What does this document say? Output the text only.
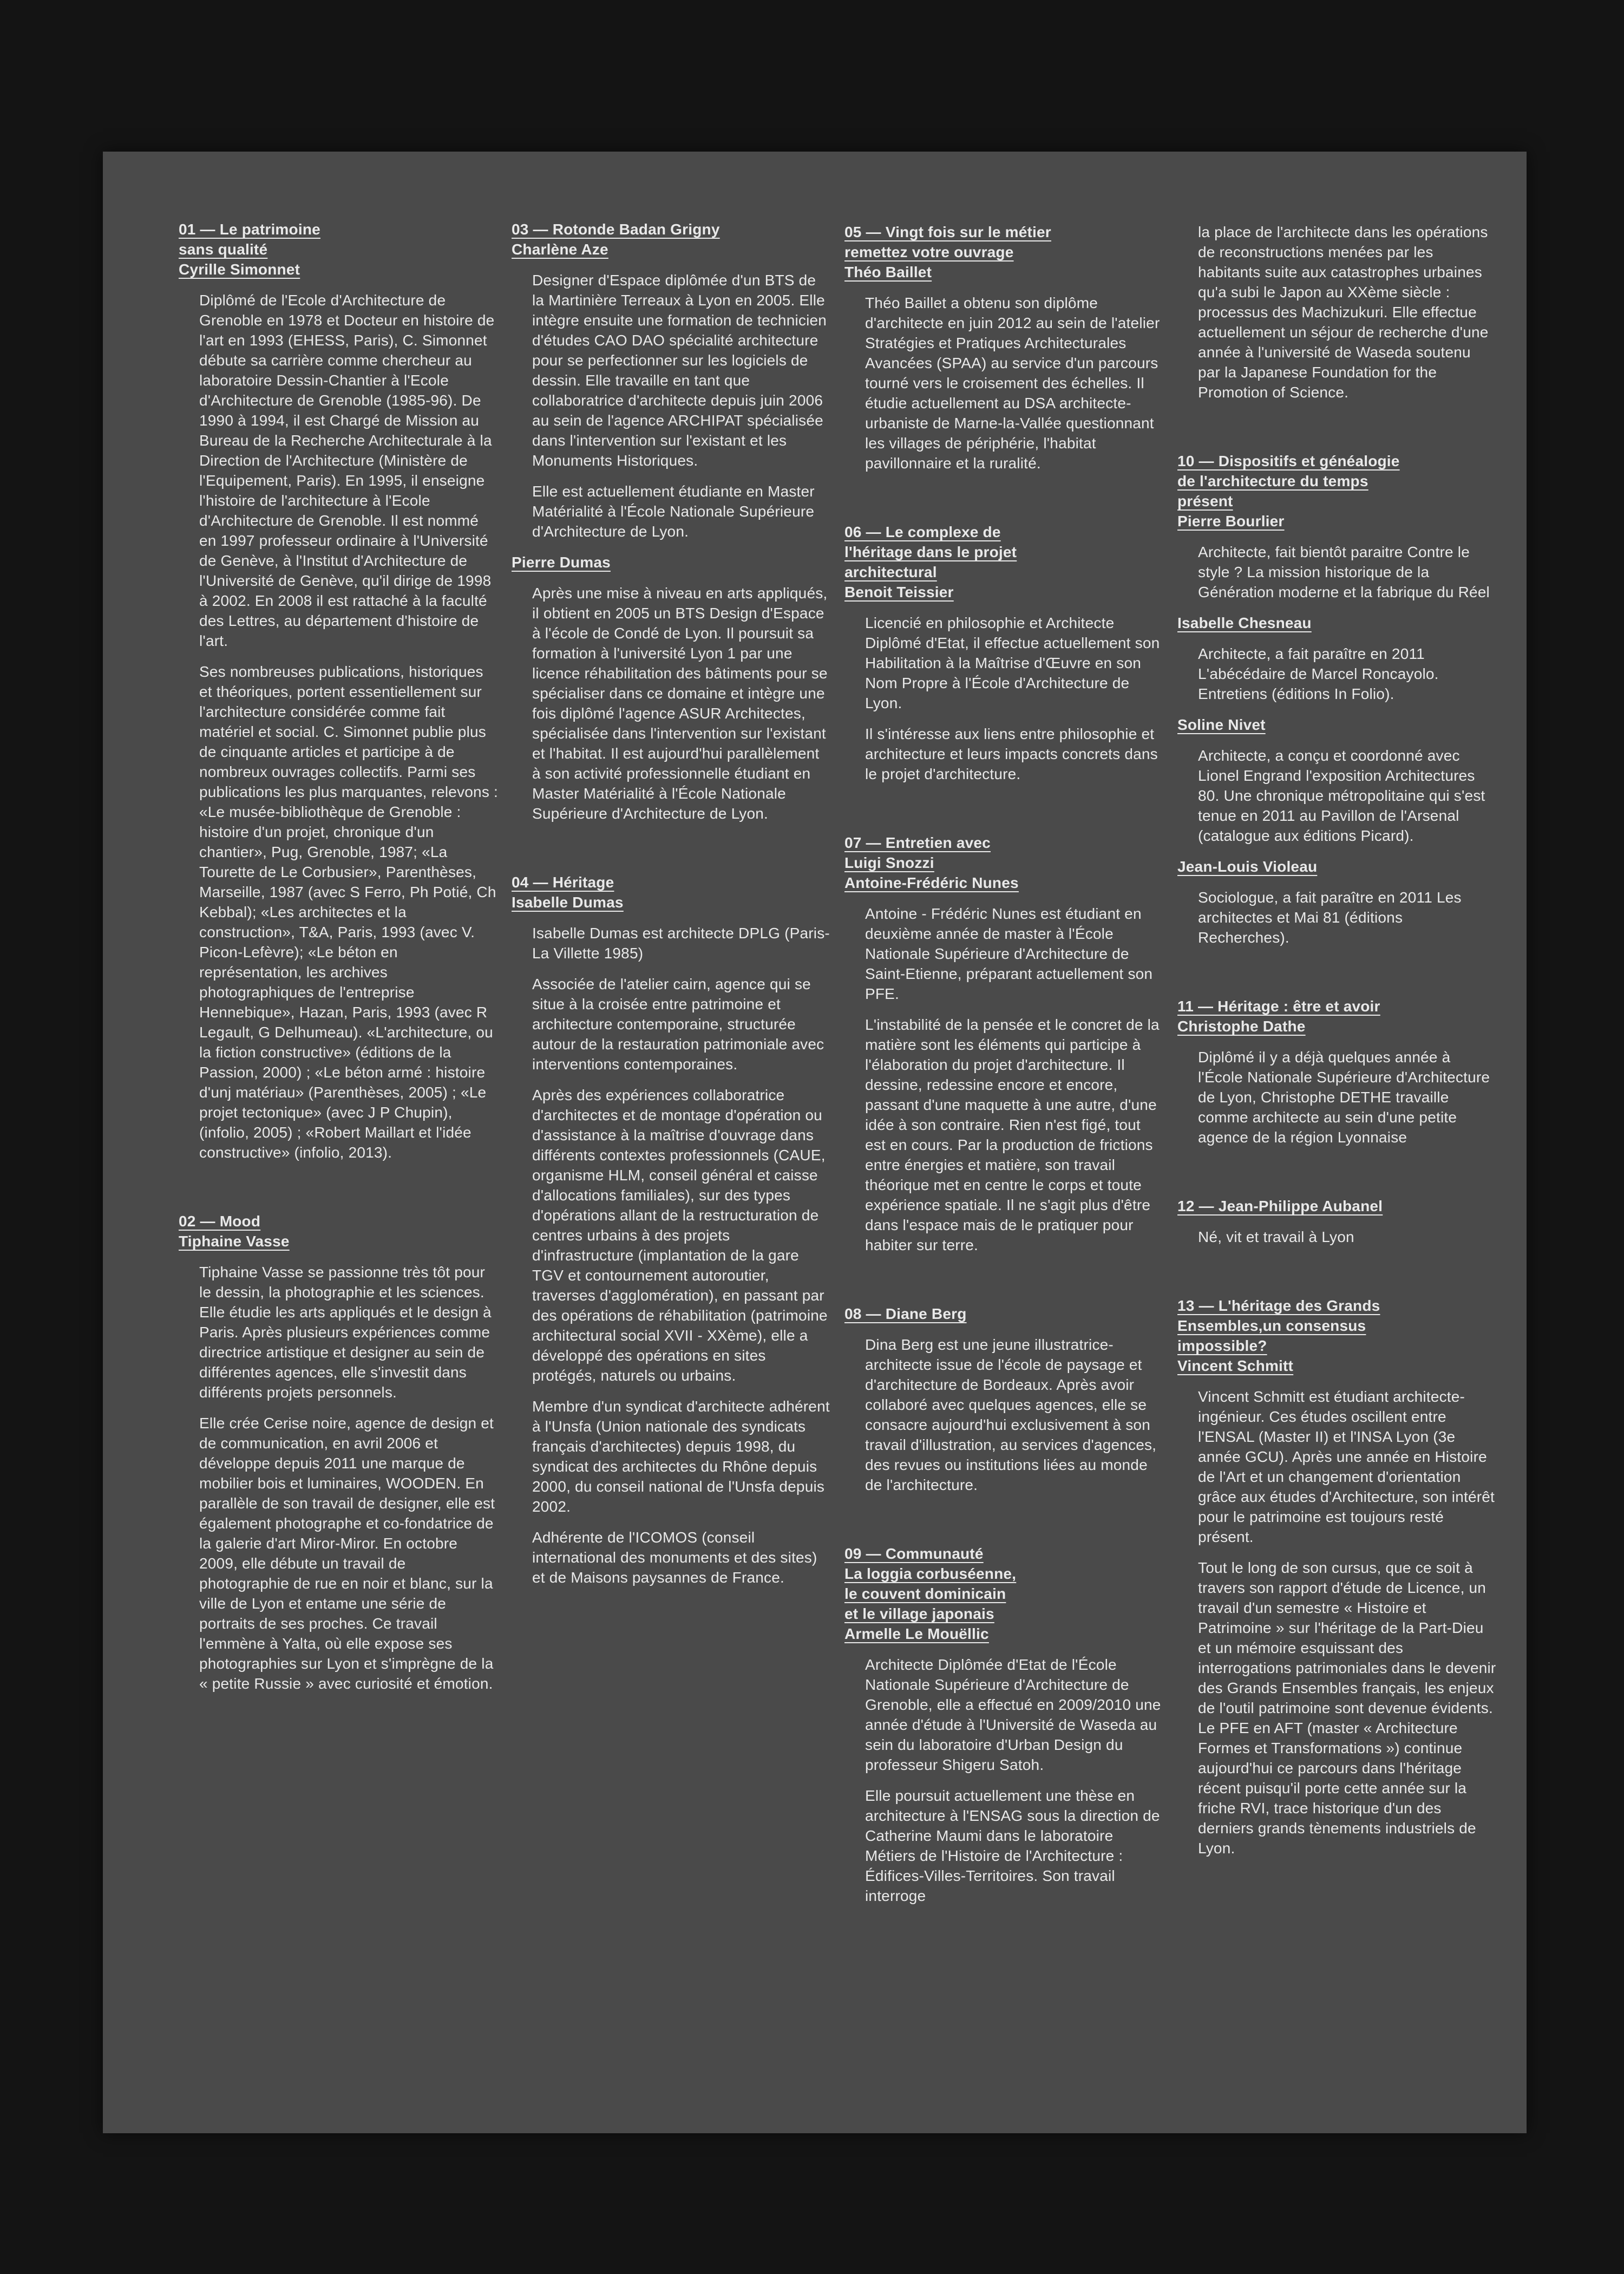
01 — Le patrimoine
sans qualité
Cyrille Simonnet

Diplômé de l'Ecole d'Architecture de Grenoble en 1978 et Docteur en histoire de l'art en 1993 (EHESS, Paris), C. Simonnet débute sa carrière comme chercheur au laboratoire Dessin-Chantier à l'Ecole d'Architecture de Grenoble (1985-96). De 1990 à 1994, il est Chargé de Mission au Bureau de la Recherche Architecturale à la Direction de l'Architecture (Ministère de l'Equipement, Paris). En 1995, il enseigne l'histoire de l'architecture à l'Ecole d'Architecture de Grenoble. Il est nommé en 1997 professeur ordinaire à l'Université de Genève, à l'Institut d'Architecture de l'Université de Genève, qu'il dirige de 1998 à 2002. En 2008 il est rattaché à la faculté des Lettres, au département d'histoire de l'art.

Ses nombreuses publications, historiques et théoriques, portent essentiellement sur l'architecture considérée comme fait matériel et social. C. Simonnet publie plus de cinquante articles et participe à de nombreux ouvrages collectifs. Parmi ses publications les plus marquantes, relevons : «Le musée-bibliothèque de Grenoble : histoire d'un projet, chronique d'un chantier», Pug, Grenoble, 1987; «La Tourette de Le Corbusier», Parenthèses, Marseille, 1987 (avec S Ferro, Ph Potié, Ch Kebbal); «Les architectes et la construction», T&A, Paris, 1993 (avec V. Picon-Lefèvre); «Le béton en représentation, les archives photographiques de l'entreprise Hennebique», Hazan, Paris, 1993 (avec R Legault, G Delhumeau). «L'architecture, ou la fiction constructive» (éditions de la Passion, 2000) ; «Le béton armé : histoire d'unj matériau» (Parenthèses, 2005) ; «Le projet tectonique» (avec J P Chupin), (infolio, 2005) ; «Robert Maillart et l'idée constructive» (infolio, 2013).

02 — Mood
Tiphaine Vasse

Tiphaine Vasse se passionne très tôt pour le dessin, la photographie et les sciences. Elle étudie les arts appliqués et le design à Paris. Après plusieurs expériences comme directrice artistique et designer au sein de différentes agences, elle s'investit dans différents projets personnels.

Elle crée Cerise noire, agence de design et de communication, en avril 2006 et développe depuis 2011 une marque de mobilier bois et luminaires, WOODEN. En parallèle de son travail de designer, elle est également photographe et co-fondatrice de la galerie d'art Miror-Miror. En octobre 2009, elle débute un travail de photographie de rue en noir et blanc, sur la ville de Lyon et entame une série de portraits de ses proches. Ce travail l'emmène à Yalta, où elle expose ses photographies sur Lyon et s'imprègne de la « petite Russie » avec curiosité et émotion.

03 — Rotonde Badan Grigny
Charlène Aze

Designer d'Espace diplômée d'un BTS de la Martinière Terreaux à Lyon en 2005. Elle intègre ensuite une formation de technicien d'études CAO DAO spécialité architecture pour se perfectionner sur les logiciels de dessin. Elle travaille en tant que collaboratrice d'architecte depuis juin 2006 au sein de l'agence ARCHIPAT spécialisée dans l'intervention sur l'existant et les Monuments Historiques.

Elle est actuellement étudiante en Master Matérialité à l'École Nationale Supérieure d'Architecture de Lyon.

Pierre Dumas

Après une mise à niveau en arts appliqués, il obtient en 2005 un BTS Design d'Espace à l'école de Condé de Lyon. Il poursuit sa formation à l'université Lyon 1 par une licence réhabilitation des bâtiments pour se spécialiser dans ce domaine et intègre une fois diplômé l'agence ASUR Architectes, spécialisée dans l'intervention sur l'existant et l'habitat. Il est aujourd'hui parallèlement à son activité professionnelle étudiant en Master Matérialité à l'École Nationale Supérieure d'Architecture de Lyon.

04 — Héritage
Isabelle Dumas

Isabelle Dumas est architecte DPLG (Paris-La Villette 1985)

Associée de l'atelier cairn, agence qui se situe à la croisée entre patrimoine et architecture contemporaine, structurée autour de la restauration patrimoniale avec interventions contemporaines.

Après des expériences collaboratrice d'architectes et de montage d'opération ou d'assistance à la maîtrise d'ouvrage dans différents contextes professionnels (CAUE, organisme HLM, conseil général et caisse d'allocations familiales), sur des types d'opérations allant de la restructuration de centres urbains à des projets d'infrastructure (implantation de la gare TGV et contournement autoroutier, traverses d'agglomération), en passant par des opérations de réhabilitation (patrimoine architectural social XVII - XXème), elle a développé des opérations en sites protégés, naturels ou urbains.

Membre d'un syndicat d'architecte adhérent à l'Unsfa (Union nationale des syndicats français d'architectes) depuis 1998, du syndicat des architectes du Rhône depuis 2000, du conseil national de l'Unsfa depuis 2002.

Adhérente de l'ICOMOS (conseil international des monuments et des sites) et de Maisons paysannes de France.

05 — Vingt fois sur le métier
remettez votre ouvrage
Théo Baillet

Théo Baillet a obtenu son diplôme d'architecte en juin 2012 au sein de l'atelier Stratégies et Pratiques Architecturales Avancées (SPAA) au service d'un parcours tourné vers le croisement des échelles. Il étudie actuellement au DSA architecte-urbaniste de Marne-la-Vallée questionnant les villages de périphérie, l'habitat pavillonnaire et la ruralité.

06 — Le complexe de
l'héritage dans le projet
architectural
Benoit Teissier

Licencié en philosophie et Architecte Diplômé d'Etat, il effectue actuellement son Habilitation à la Maîtrise d'Œuvre en son Nom Propre à l'École d'Architecture de Lyon.

Il s'intéresse aux liens entre philosophie et architecture et leurs impacts concrets dans le projet d'architecture.

07 — Entretien avec
Luigi Snozzi
Antoine-Frédéric Nunes

Antoine - Frédéric Nunes est étudiant en deuxième année de master à l'École Nationale Supérieure d'Architecture de Saint-Etienne, préparant actuellement son PFE.

L'instabilité de la pensée et le concret de la matière sont les éléments qui participe à l'élaboration du projet d'architecture. Il dessine, redessine encore et encore, passant d'une maquette à une autre, d'une idée à son contraire. Rien n'est figé, tout est en cours. Par la production de frictions entre énergies et matière, son travail théorique met en centre le corps et toute expérience spatiale. Il ne s'agit plus d'être dans l'espace mais de le pratiquer pour habiter sur terre.

08 — Diane Berg

Dina Berg est une jeune illustratrice-architecte issue de l'école de paysage et d'architecture de Bordeaux. Après avoir collaboré avec quelques agences, elle se consacre aujourd'hui exclusivement à son travail d'illustration, au services d'agences, des revues ou institutions liées au monde de l'architecture.

09 — Communauté
La loggia corbuséenne,
le couvent dominicain
et le village japonais
Armelle Le Mouëllic

Architecte Diplômée d'Etat de l'École Nationale Supérieure d'Architecture de Grenoble, elle a effectué en 2009/2010 une année d'étude à l'Université de Waseda au sein du laboratoire d'Urban Design du professeur Shigeru Satoh.

Elle poursuit actuellement une thèse en architecture à l'ENSAG sous la direction de Catherine Maumi dans le laboratoire Métiers de l'Histoire de l'Architecture : Édifices-Villes-Territoires. Son travail interroge

la place de l'architecte dans les opérations de reconstructions menées par les habitants suite aux catastrophes urbaines qu'a subi le Japon au XXème siècle : processus des Machizukuri. Elle effectue actuellement un séjour de recherche d'une année à l'université de Waseda soutenu par la Japanese Foundation for the Promotion of Science.

10 — Dispositifs et généalogie
de l'architecture du temps
présent
Pierre Bourlier

Architecte, fait bientôt paraitre Contre le style ? La mission historique de la Génération moderne et la fabrique du Réel

Isabelle Chesneau

Architecte, a fait paraître en 2011 L'abécédaire de Marcel Roncayolo. Entretiens (éditions In Folio).

Soline Nivet

Architecte, a conçu et coordonné avec Lionel Engrand l'exposition Architectures 80. Une chronique métropolitaine qui s'est tenue en 2011 au Pavillon de l'Arsenal (catalogue aux éditions Picard).

Jean-Louis Violeau

Sociologue, a fait paraître en 2011 Les architectes et Mai 81 (éditions Recherches).

11 — Héritage : être et avoir
Christophe Dathe

Diplômé il y a déjà quelques année à l'École Nationale Supérieure d'Architecture de Lyon, Christophe DETHE travaille comme architecte au sein d'une petite agence de la région Lyonnaise

12 — Jean-Philippe Aubanel

Né, vit et travail à Lyon

13 — L'héritage des Grands
Ensembles,un consensus
impossible?
Vincent Schmitt

Vincent Schmitt est étudiant architecte-ingénieur. Ces études oscillent entre l'ENSAL (Master II) et l'INSA Lyon (3e année GCU). Après une année en Histoire de l'Art et un changement d'orientation grâce aux études d'Architecture, son intérêt pour le patrimoine est toujours resté présent.

Tout le long de son cursus, que ce soit à travers son rapport d'étude de Licence, un travail d'un semestre « Histoire et Patrimoine » sur l'héritage de la Part-Dieu et un mémoire esquissant des interrogations patrimoniales dans le devenir des Grands Ensembles français, les enjeux de l'outil patrimoine sont devenue évidents. Le PFE en AFT (master « Architecture Formes et Transformations ») continue aujourd'hui ce parcours dans l'héritage récent puisqu'il porte cette année sur la friche RVI, trace historique d'un des derniers grands tènements industriels de Lyon.
